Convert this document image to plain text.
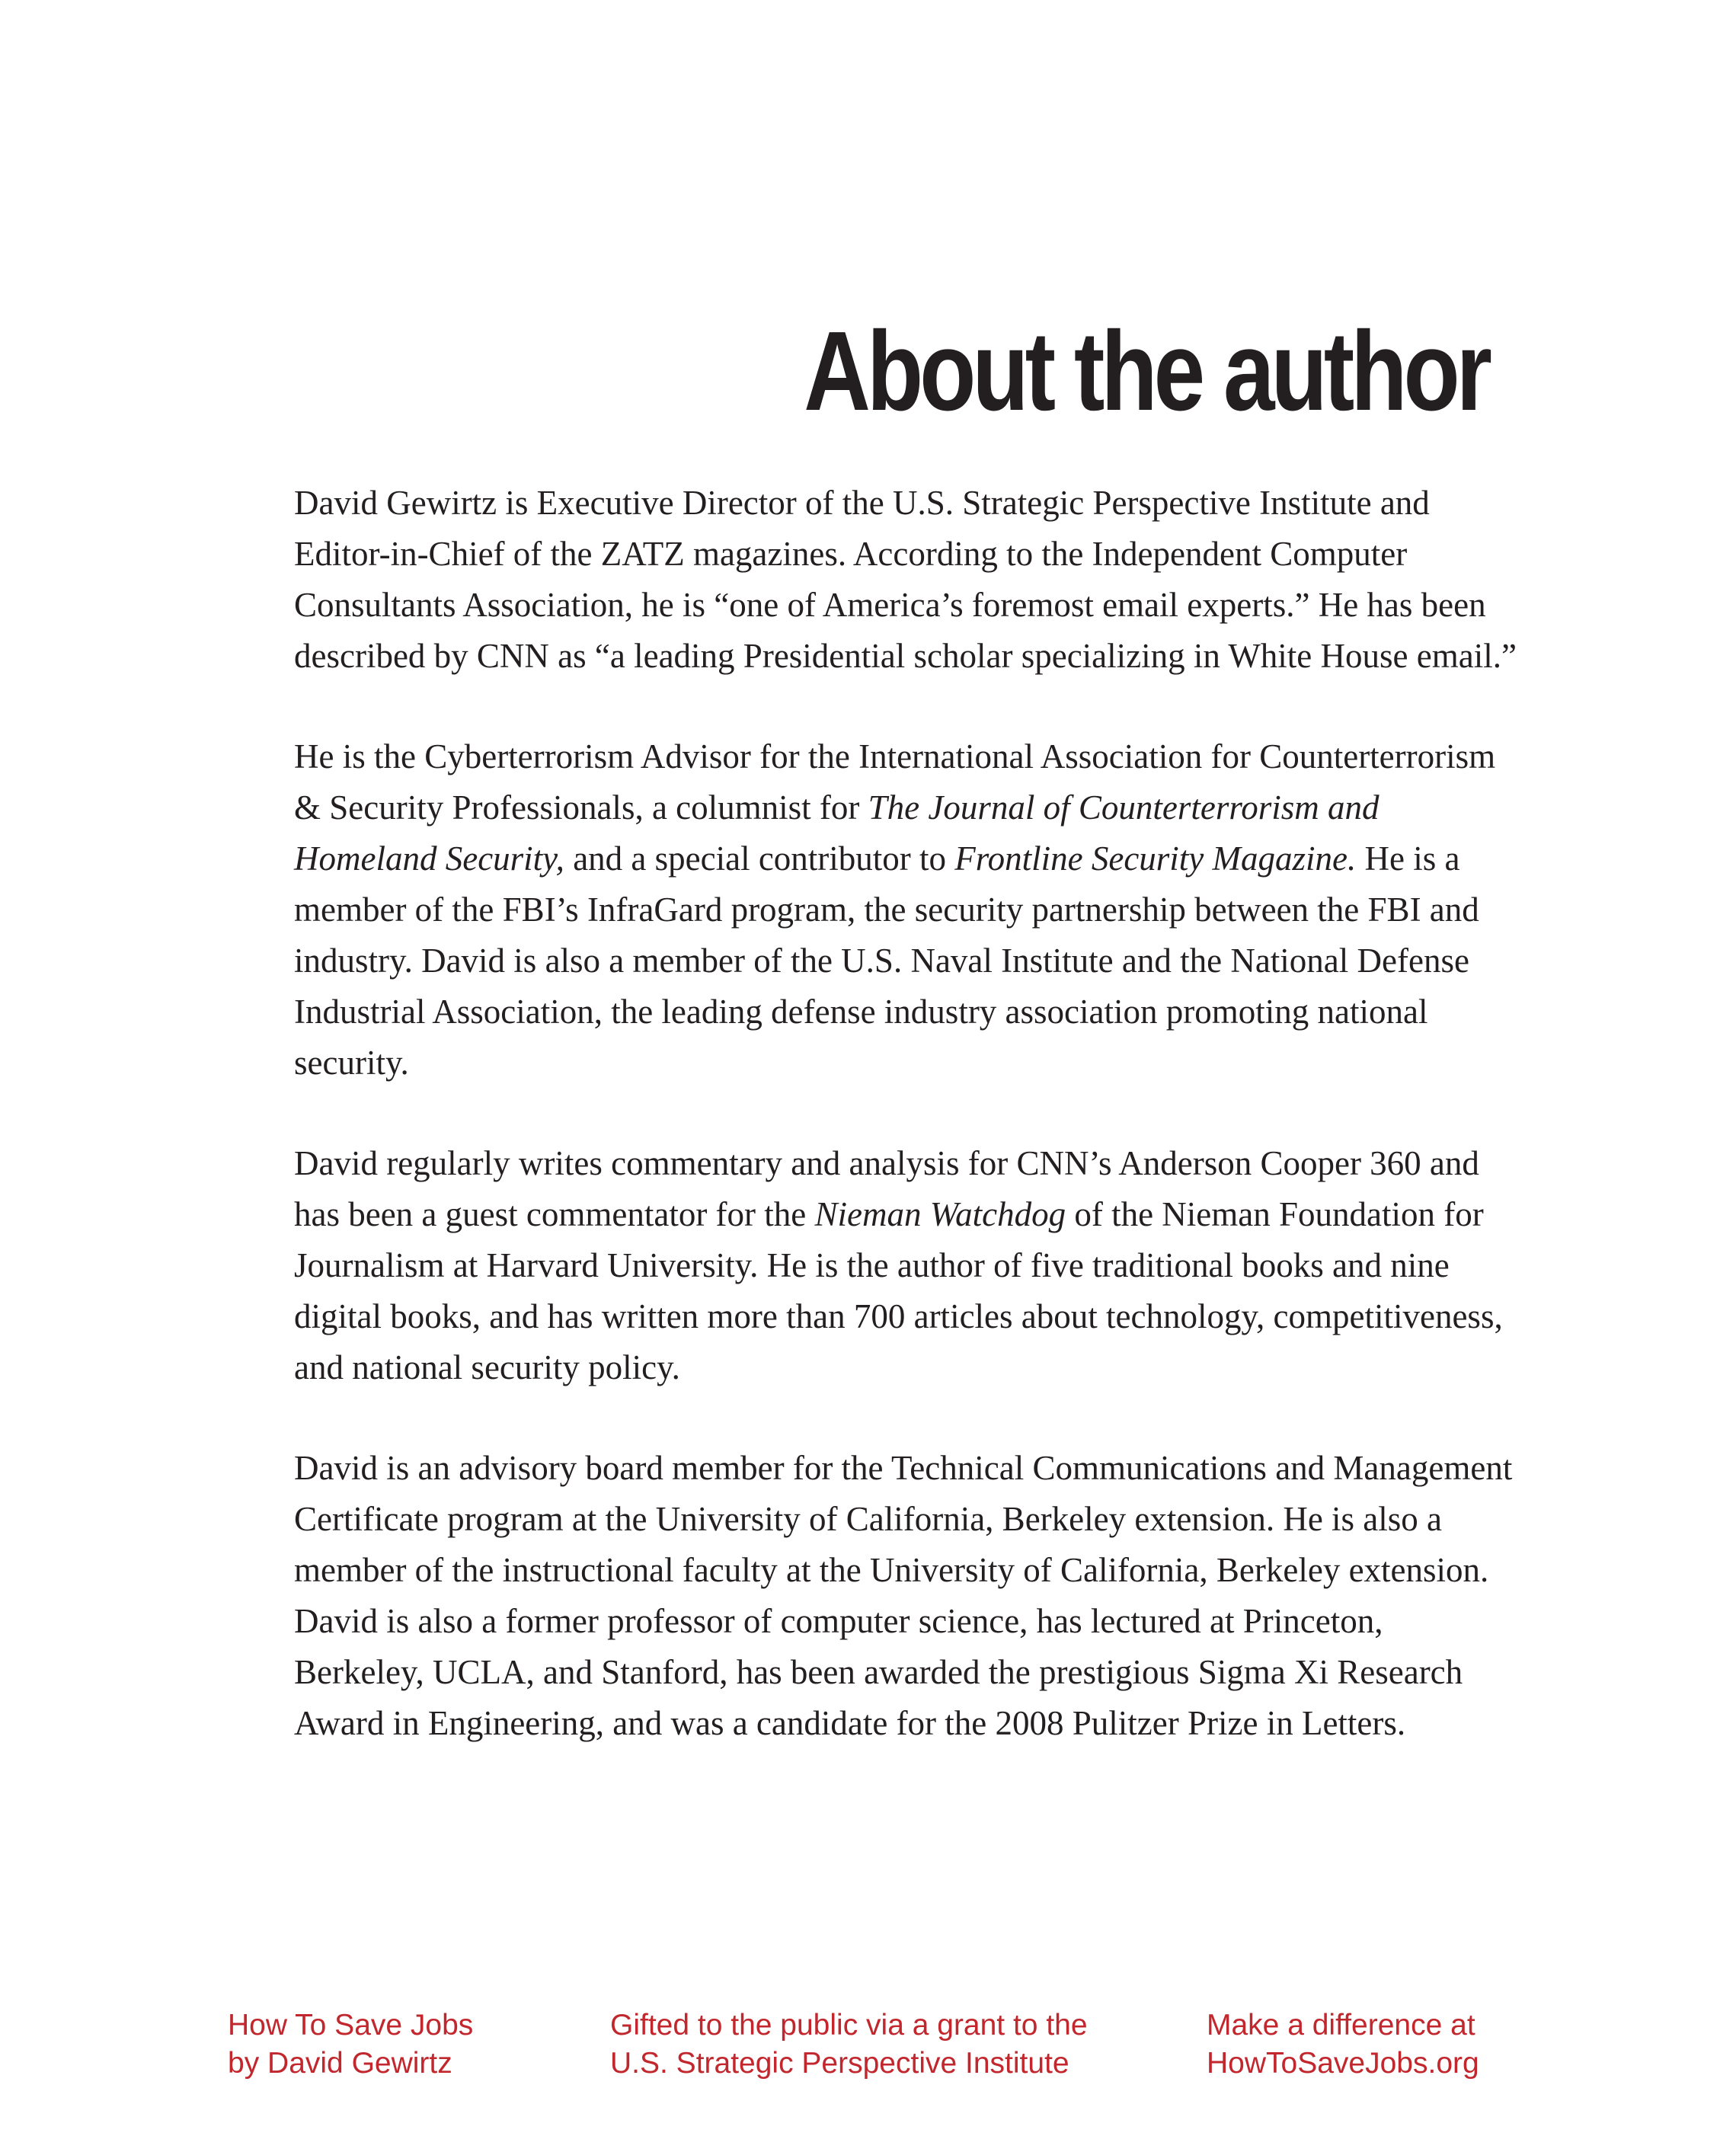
About the author

David Gewirtz is Executive Director of the U.S. Strategic Perspective Institute and Editor-in-Chief of the ZATZ magazines. According to the Independent Computer Consultants Association, he is “one of America’s foremost email experts.” He has been described by CNN as “a leading Presidential scholar specializing in White House email.”

He is the Cyberterrorism Advisor for the International Association for Counterterrorism & Security Professionals, a columnist for The Journal of Counterterrorism and Homeland Security, and a special contributor to Frontline Security Magazine. He is a member of the FBI’s InfraGard program, the security partnership between the FBI and industry. David is also a member of the U.S. Naval Institute and the National Defense Industrial Association, the leading defense industry association promoting national security.

David regularly writes commentary and analysis for CNN’s Anderson Cooper 360 and has been a guest commentator for the Nieman Watchdog of the Nieman Foundation for Journalism at Harvard University. He is the author of five traditional books and nine digital books, and has written more than 700 articles about technology, competitiveness, and national security policy.

David is an advisory board member for the Technical Communications and Management Certificate program at the University of California, Berkeley extension. He is also a member of the instructional faculty at the University of California, Berkeley extension. David is also a former professor of computer science, has lectured at Princeton, Berkeley, UCLA, and Stanford, has been awarded the prestigious Sigma Xi Research Award in Engineering, and was a candidate for the 2008 Pulitzer Prize in Letters.

How To Save Jobs
by David Gewirtz
Gifted to the public via a grant to the
U.S. Strategic Perspective Institute
Make a difference at
HowToSaveJobs.org
